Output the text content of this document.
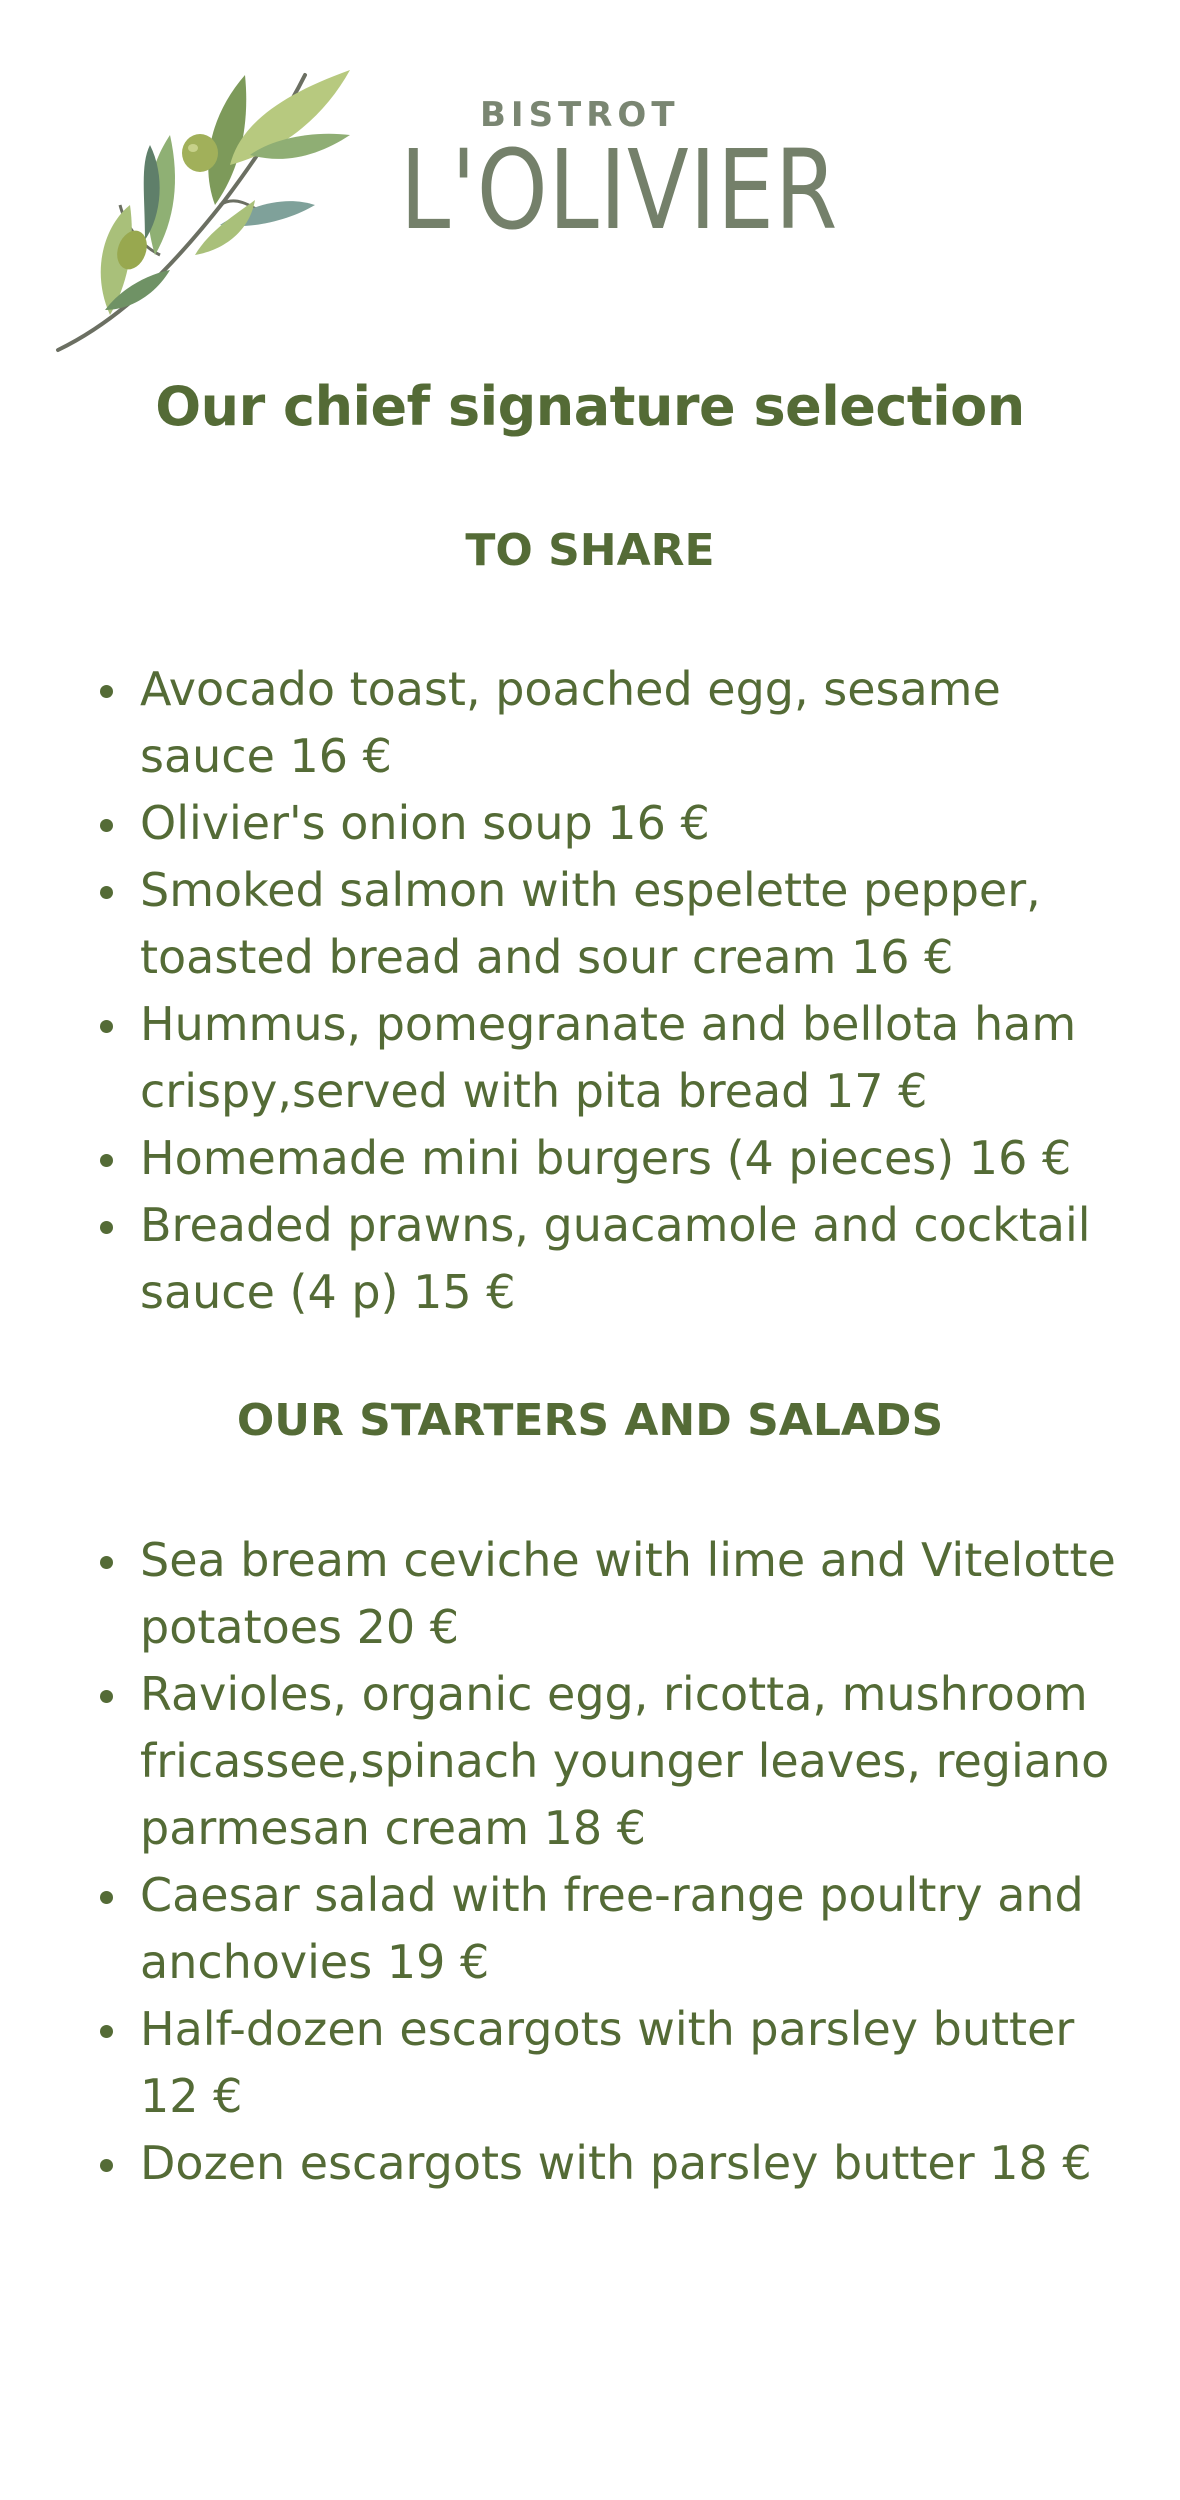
BISTROT
L'OLIVIER
Our chief signature selection
TO SHARE
Avocado toast, poached egg, sesame sauce 16 €
Olivier's onion soup 16 €
Smoked salmon with espelette pepper, toasted bread and sour cream 16 €
Hummus, pomegranate and bellota ham crispy,served with pita bread 17 €
Homemade mini burgers (4 pieces) 16 €
Breaded prawns, guacamole and cocktail sauce (4 p) 15 €
OUR STARTERS AND SALADS
Sea bream ceviche with lime and Vitelotte potatoes 20 €
Ravioles, organic egg, ricotta, mushroom fricassee,spinach younger leaves, regiano parmesan cream 18 €
Caesar salad with free-range poultry and anchovies 19 €
Half-dozen escargots with parsley butter 12 €
Dozen escargots with parsley butter 18 €
